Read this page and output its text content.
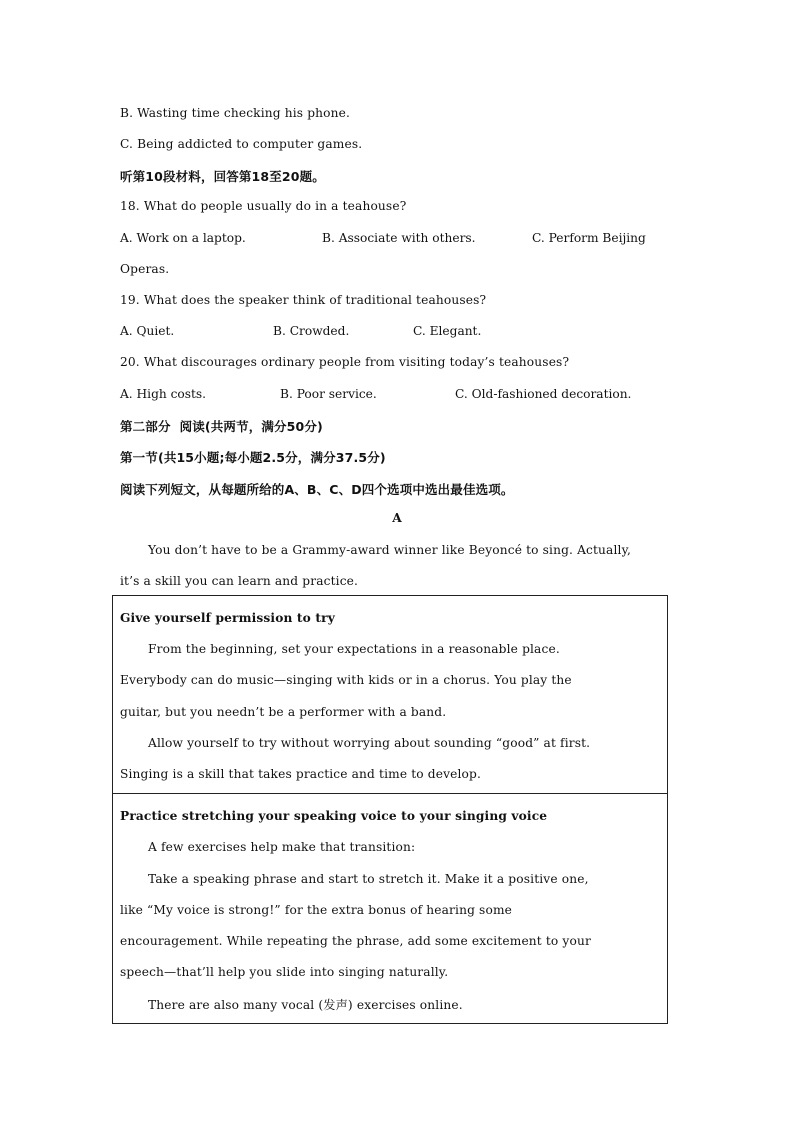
B. Wasting time checking his phone.
C. Being addicted to computer games.
听第10段材料，回答第18至20题。
18. What do people usually do in a teahouse?
A. Work on a laptop.	B. Associate with others.	C. Perform Beijing
Operas.
19. What does the speaker think of traditional teahouses?
A. Quiet.	B. Crowded.	C. Elegant.
20. What discourages ordinary people from visiting today’s teahouses?
A. High costs.	B. Poor service.	C. Old-fashioned decoration.
第二部分  阅读(共两节，满分50分)
第一节(共15小题;每小题2.5分，满分37.5分)
阅读下列短文，从每题所给的A、B、C、D四个选项中选出最佳选项。
A
You don’t have to be a Grammy-award winner like Beyoncé to sing. Actually,
it’s a skill you can learn and practice.
Give yourself permission to try
From the beginning, set your expectations in a reasonable place.
Everybody can do music—singing with kids or in a chorus. You play the
guitar, but you needn’t be a performer with a band.
Allow yourself to try without worrying about sounding “good” at first.
Singing is a skill that takes practice and time to develop.
Practice stretching your speaking voice to your singing voice
A few exercises help make that transition:
Take a speaking phrase and start to stretch it. Make it a positive one,
like “My voice is strong!” for the extra bonus of hearing some
encouragement. While repeating the phrase, add some excitement to your
speech—that’ll help you slide into singing naturally.
There are also many vocal (发声) exercises online.
